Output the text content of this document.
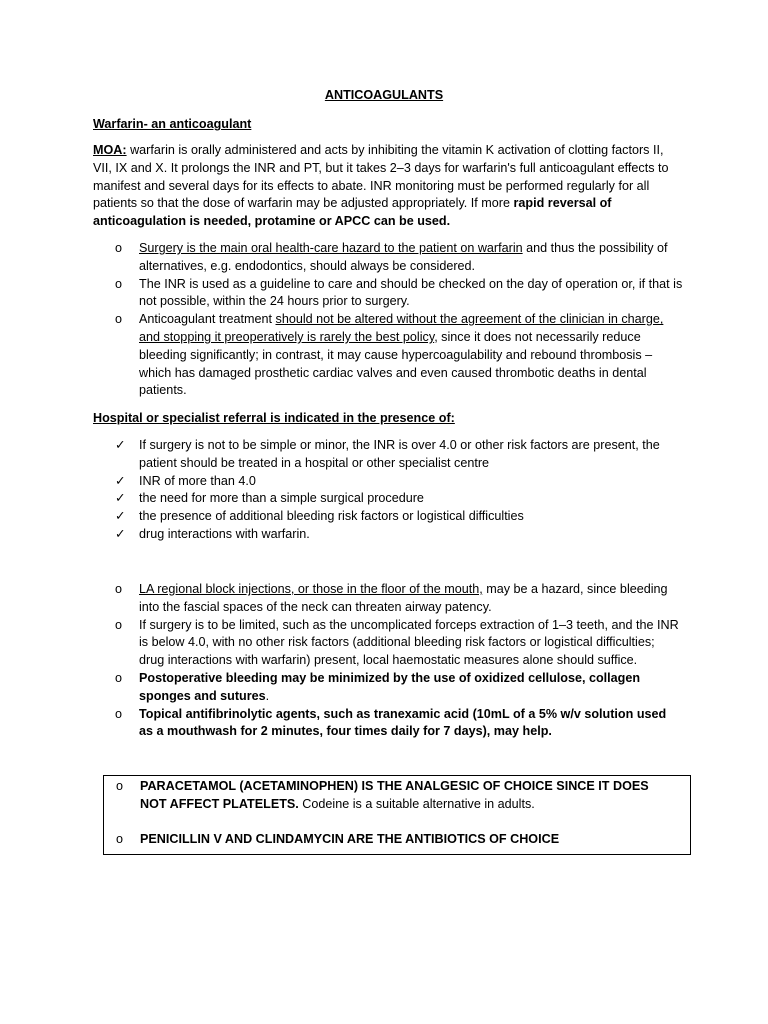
ANTICOAGULANTS
Warfarin- an anticoagulant
MOA: warfarin is orally administered and acts by inhibiting the vitamin K activation of clotting factors II, VII, IX and X. It prolongs the INR and PT, but it takes 2–3 days for warfarin's full anticoagulant effects to manifest and several days for its effects to abate. INR monitoring must be performed regularly for all patients so that the dose of warfarin may be adjusted appropriately. If more rapid reversal of anticoagulation is needed, protamine or APCC can be used.
o Surgery is the main oral health-care hazard to the patient on warfarin and thus the possibility of alternatives, e.g. endodontics, should always be considered.
o The INR is used as a guideline to care and should be checked on the day of operation or, if that is not possible, within the 24 hours prior to surgery.
o Anticoagulant treatment should not be altered without the agreement of the clinician in charge, and stopping it preoperatively is rarely the best policy, since it does not necessarily reduce bleeding significantly; in contrast, it may cause hypercoagulability and rebound thrombosis – which has damaged prosthetic cardiac valves and even caused thrombotic deaths in dental patients.
Hospital or specialist referral is indicated in the presence of:
✓ If surgery is not to be simple or minor, the INR is over 4.0 or other risk factors are present, the patient should be treated in a hospital or other specialist centre
✓ INR of more than 4.0
✓ the need for more than a simple surgical procedure
✓ the presence of additional bleeding risk factors or logistical difficulties
✓ drug interactions with warfarin.
o LA regional block injections, or those in the floor of the mouth, may be a hazard, since bleeding into the fascial spaces of the neck can threaten airway patency.
o If surgery is to be limited, such as the uncomplicated forceps extraction of 1–3 teeth, and the INR is below 4.0, with no other risk factors (additional bleeding risk factors or logistical difficulties; drug interactions with warfarin) present, local haemostatic measures alone should suffice.
o Postoperative bleeding may be minimized by the use of oxidized cellulose, collagen sponges and sutures.
o Topical antifibrinolytic agents, such as tranexamic acid (10mL of a 5% w/v solution used as a mouthwash for 2 minutes, four times daily for 7 days), may help.
o PARACETAMOL (ACETAMINOPHEN) IS THE ANALGESIC OF CHOICE SINCE IT DOES NOT AFFECT PLATELETS. Codeine is a suitable alternative in adults.
o PENICILLIN V AND CLINDAMYCIN ARE THE ANTIBIOTICS OF CHOICE
